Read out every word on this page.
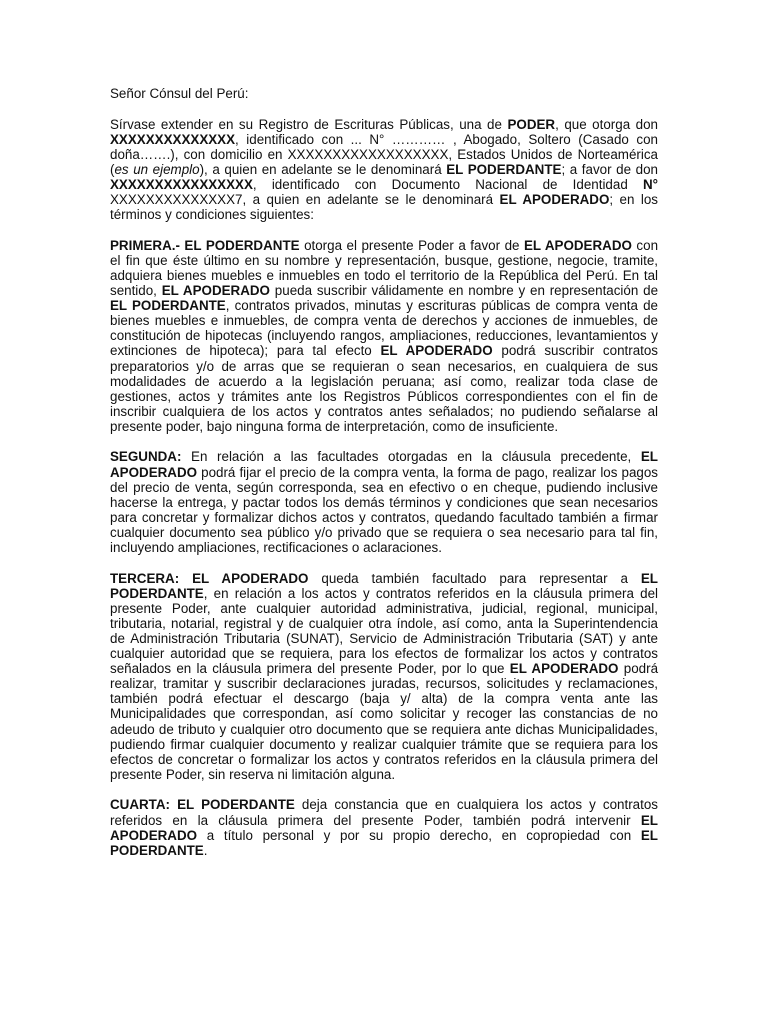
Señor Cónsul del Perú:

Sírvase extender en su Registro de Escrituras Públicas, una de PODER, que otorga don XXXXXXXXXXXXXX, identificado con ... N° ………… , Abogado, Soltero (Casado con doña…….), con domicilio en XXXXXXXXXXXXXXXXXX, Estados Unidos de Norteamérica (es un ejemplo), a quien en adelante se le denominará EL PODERDANTE; a favor de don XXXXXXXXXXXXXXXX, identificado con Documento Nacional de Identidad N° XXXXXXXXXXXXXX7, a quien en adelante se le denominará EL APODERADO; en los términos y condiciones siguientes:

PRIMERA.- EL PODERDANTE otorga el presente Poder a favor de EL APODERADO con el fin que éste último en su nombre y representación, busque, gestione, negocie, tramite, adquiera bienes muebles e inmuebles en todo el territorio de la República del Perú. En tal sentido, EL APODERADO pueda suscribir válidamente en nombre y en representación de EL PODERDANTE, contratos privados, minutas y escrituras públicas de compra venta de bienes muebles e inmuebles, de compra venta de derechos y acciones de inmuebles, de constitución de hipotecas (incluyendo rangos, ampliaciones, reducciones, levantamientos y extinciones de hipoteca); para tal efecto EL APODERADO podrá suscribir contratos preparatorios y/o de arras que se requieran o sean necesarios, en cualquiera de sus modalidades de acuerdo a la legislación peruana; así como, realizar toda clase de gestiones, actos y trámites ante los Registros Públicos correspondientes con el fin de inscribir cualquiera de los actos y contratos antes señalados; no pudiendo señalarse al presente poder, bajo ninguna forma de interpretación, como de insuficiente.

SEGUNDA: En relación a las facultades otorgadas en la cláusula precedente, EL APODERADO podrá fijar el precio de la compra venta, la forma de pago, realizar los pagos del precio de venta, según corresponda, sea en efectivo o en cheque, pudiendo inclusive hacerse la entrega, y pactar todos los demás términos y condiciones que sean necesarios para concretar y formalizar dichos actos y contratos, quedando facultado también a firmar cualquier documento sea público y/o privado que se requiera o sea necesario para tal fin, incluyendo ampliaciones, rectificaciones o aclaraciones.

TERCERA: EL APODERADO queda también facultado para representar a EL PODERDANTE, en relación a los actos y contratos referidos en la cláusula primera del presente Poder, ante cualquier autoridad administrativa, judicial, regional, municipal, tributaria, notarial, registral y de cualquier otra índole, así como, anta la Superintendencia de Administración Tributaria (SUNAT), Servicio de Administración Tributaria (SAT) y ante cualquier autoridad que se requiera, para los efectos de formalizar los actos y contratos señalados en la cláusula primera del presente Poder, por lo que EL APODERADO podrá realizar, tramitar y suscribir declaraciones juradas, recursos, solicitudes y reclamaciones, también podrá efectuar el descargo (baja y/ alta) de la compra venta ante las Municipalidades que correspondan, así como solicitar y recoger las constancias de no adeudo de tributo y cualquier otro documento que se requiera ante dichas Municipalidades, pudiendo firmar cualquier documento y realizar cualquier trámite que se requiera para los efectos de concretar o formalizar los actos y contratos referidos en la cláusula primera del presente Poder, sin reserva ni limitación alguna.

CUARTA: EL PODERDANTE deja constancia que en cualquiera los actos y contratos referidos en la cláusula primera del presente Poder, también podrá intervenir EL APODERADO a título personal y por su propio derecho, en copropiedad con EL PODERDANTE.
